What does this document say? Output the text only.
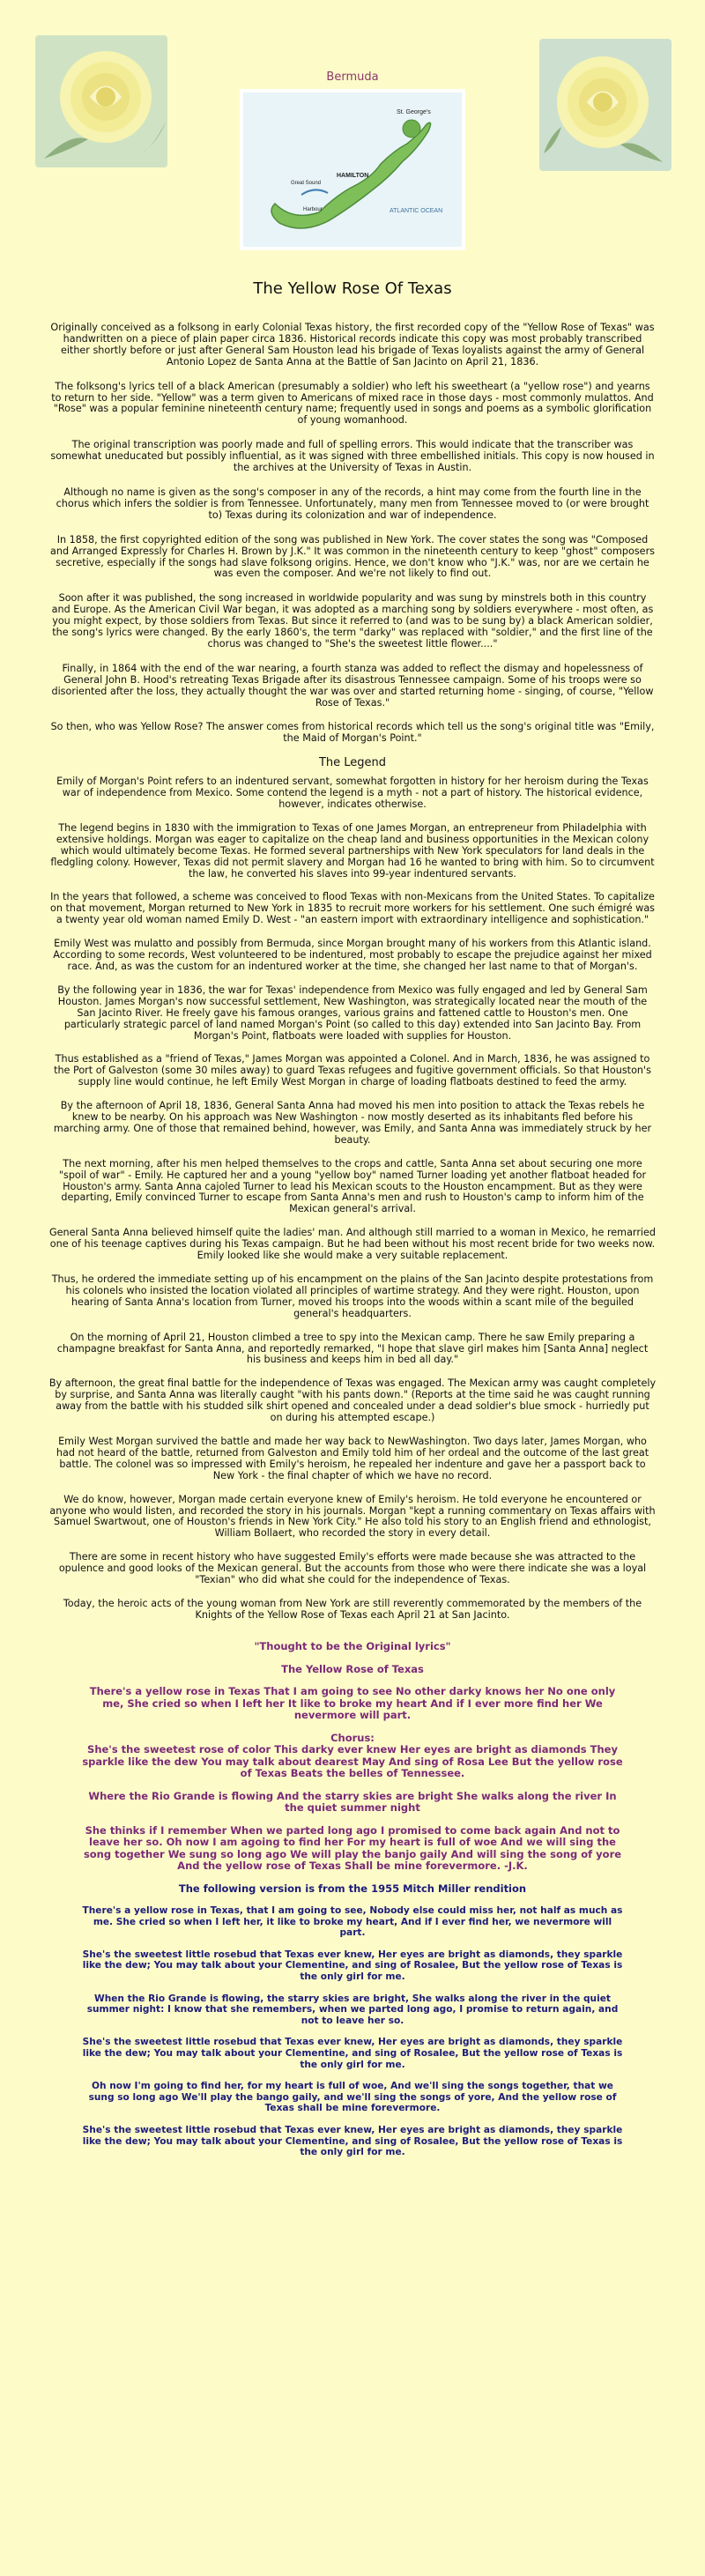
Bermuda
St. George's
HAMILTON
Great Sound
Harbour	ATLANTIC OCEAN
The Yellow Rose Of Texas

Originally conceived as a folksong in early Colonial Texas history, the first recorded copy of the "Yellow Rose of Texas" was handwritten on a piece of plain paper circa 1836. Historical records indicate this copy was most probably transcribed either shortly before or just after General Sam Houston lead his brigade of Texas loyalists against the army of General Antonio Lopez de Santa Anna at the Battle of San Jacinto on April 21, 1836.

The folksong's lyrics tell of a black American (presumably a soldier) who left his sweetheart (a "yellow rose") and yearns to return to her side. "Yellow" was a term given to Americans of mixed race in those days - most commonly mulattos. And "Rose" was a popular feminine nineteenth century name; frequently used in songs and poems as a symbolic glorification of young womanhood.

The original transcription was poorly made and full of spelling errors. This would indicate that the transcriber was somewhat uneducated but possibly influential, as it was signed with three embellished initials. This copy is now housed in the archives at the University of Texas in Austin.

Although no name is given as the song's composer in any of the records, a hint may come from the fourth line in the chorus which infers the soldier is from Tennessee. Unfortunately, many men from Tennessee moved to (or were brought to) Texas during its colonization and war of independence.

In 1858, the first copyrighted edition of the song was published in New York. The cover states the song was "Composed and Arranged Expressly for Charles H. Brown by J.K." It was common in the nineteenth century to keep "ghost" composers secretive, especially if the songs had slave folksong origins. Hence, we don't know who "J.K." was, nor are we certain he was even the composer. And we're not likely to find out.

Soon after it was published, the song increased in worldwide popularity and was sung by minstrels both in this country and Europe. As the American Civil War began, it was adopted as a marching song by soldiers everywhere - most often, as you might expect, by those soldiers from Texas. But since it referred to (and was to be sung by) a black American soldier, the song's lyrics were changed. By the early 1860's, the term "darky" was replaced with "soldier," and the first line of the chorus was changed to "She's the sweetest little flower...."

Finally, in 1864 with the end of the war nearing, a fourth stanza was added to reflect the dismay and hopelessness of General John B. Hood's retreating Texas Brigade after its disastrous Tennessee campaign. Some of his troops were so disoriented after the loss, they actually thought the war was over and started returning home - singing, of course, "Yellow Rose of Texas."

So then, who was Yellow Rose? The answer comes from historical records which tell us the song's original title was "Emily, the Maid of Morgan's Point."

The Legend

Emily of Morgan's Point refers to an indentured servant, somewhat forgotten in history for her heroism during the Texas war of independence from Mexico. Some contend the legend is a myth - not a part of history. The historical evidence, however, indicates otherwise.

The legend begins in 1830 with the immigration to Texas of one James Morgan, an entrepreneur from Philadelphia with extensive holdings. Morgan was eager to capitalize on the cheap land and business opportunities in the Mexican colony which would ultimately become Texas. He formed several partnerships with New York speculators for land deals in the fledgling colony. However, Texas did not permit slavery and Morgan had 16 he wanted to bring with him. So to circumvent the law, he converted his slaves into 99-year indentured servants.

In the years that followed, a scheme was conceived to flood Texas with non-Mexicans from the United States. To capitalize on that movement, Morgan returned to New York in 1835 to recruit more workers for his settlement. One such émigré was a twenty year old woman named Emily D. West - "an eastern import with extraordinary intelligence and sophistication."

Emily West was mulatto and possibly from Bermuda, since Morgan brought many of his workers from this Atlantic island. According to some records, West volunteered to be indentured, most probably to escape the prejudice against her mixed race. And, as was the custom for an indentured worker at the time, she changed her last name to that of Morgan's.

By the following year in 1836, the war for Texas' independence from Mexico was fully engaged and led by General Sam Houston. James Morgan's now successful settlement, New Washington, was strategically located near the mouth of the San Jacinto River. He freely gave his famous oranges, various grains and fattened cattle to Houston's men. One particularly strategic parcel of land named Morgan's Point (so called to this day) extended into San Jacinto Bay. From Morgan's Point, flatboats were loaded with supplies for Houston.

Thus established as a "friend of Texas," James Morgan was appointed a Colonel. And in March, 1836, he was assigned to the Port of Galveston (some 30 miles away) to guard Texas refugees and fugitive government officials. So that Houston's supply line would continue, he left Emily West Morgan in charge of loading flatboats destined to feed the army.

By the afternoon of April 18, 1836, General Santa Anna had moved his men into position to attack the Texas rebels he knew to be nearby. On his approach was New Washington - now mostly deserted as its inhabitants fled before his marching army. One of those that remained behind, however, was Emily, and Santa Anna was immediately struck by her beauty.

The next morning, after his men helped themselves to the crops and cattle, Santa Anna set about securing one more "spoil of war" - Emily. He captured her and a young "yellow boy" named Turner loading yet another flatboat headed for Houston's army. Santa Anna cajoled Turner to lead his Mexican scouts to the Houston encampment. But as they were departing, Emily convinced Turner to escape from Santa Anna's men and rush to Houston's camp to inform him of the Mexican general's arrival.

General Santa Anna believed himself quite the ladies' man. And although still married to a woman in Mexico, he remarried one of his teenage captives during his Texas campaign. But he had been without his most recent bride for two weeks now. Emily looked like she would make a very suitable replacement.

Thus, he ordered the immediate setting up of his encampment on the plains of the San Jacinto despite protestations from his colonels who insisted the location violated all principles of wartime strategy. And they were right. Houston, upon hearing of Santa Anna's location from Turner, moved his troops into the woods within a scant mile of the beguiled general's headquarters.

On the morning of April 21, Houston climbed a tree to spy into the Mexican camp. There he saw Emily preparing a champagne breakfast for Santa Anna, and reportedly remarked, "I hope that slave girl makes him [Santa Anna] neglect his business and keeps him in bed all day."

By afternoon, the great final battle for the independence of Texas was engaged. The Mexican army was caught completely by surprise, and Santa Anna was literally caught "with his pants down." (Reports at the time said he was caught running away from the battle with his studded silk shirt opened and concealed under a dead soldier's blue smock - hurriedly put on during his attempted escape.)

Emily West Morgan survived the battle and made her way back to NewWashington. Two days later, James Morgan, who had not heard of the battle, returned from Galveston and Emily told him of her ordeal and the outcome of the last great battle. The colonel was so impressed with Emily's heroism, he repealed her indenture and gave her a passport back to New York - the final chapter of which we have no record.

We do know, however, Morgan made certain everyone knew of Emily's heroism. He told everyone he encountered or anyone who would listen, and recorded the story in his journals. Morgan "kept a running commentary on Texas affairs with Samuel Swartwout, one of Houston's friends in New York City." He also told his story to an English friend and ethnologist, William Bollaert, who recorded the story in every detail.

There are some in recent history who have suggested Emily's efforts were made because she was attracted to the opulence and good looks of the Mexican general. But the accounts from those who were there indicate she was a loyal "Texian" who did what she could for the independence of Texas.

Today, the heroic acts of the young woman from New York are still reverently commemorated by the members of the Knights of the Yellow Rose of Texas each April 21 at San Jacinto.

"Thought to be the Original lyrics"

The Yellow Rose of Texas

There's a yellow rose in Texas That I am going to see No other darky knows her No one only me, She cried so when I left her It like to broke my heart And if I ever more find her We nevermore will part.

Chorus:
She's the sweetest rose of color This darky ever knew Her eyes are bright as diamonds They sparkle like the dew You may talk about dearest May And sing of Rosa Lee But the yellow rose of Texas Beats the belles of Tennessee.

Where the Rio Grande is flowing And the starry skies are bright She walks along the river In the quiet summer night

She thinks if I remember When we parted long ago I promised to come back again And not to leave her so. Oh now I am agoing to find her For my heart is full of woe And we will sing the song together We sung so long ago We will play the banjo gaily And will sing the song of yore And the yellow rose of Texas Shall be mine forevermore. -J.K.

The following version is from the 1955 Mitch Miller rendition

There's a yellow rose in Texas, that I am going to see, Nobody else could miss her, not half as much as me. She cried so when I left her, it like to broke my heart, And if I ever find her, we nevermore will part.

She's the sweetest little rosebud that Texas ever knew, Her eyes are bright as diamonds, they sparkle like the dew; You may talk about your Clementine, and sing of Rosalee, But the yellow rose of Texas is the only girl for me.

When the Rio Grande is flowing, the starry skies are bright, She walks along the river in the quiet summer night: I know that she remembers, when we parted long ago, I promise to return again, and not to leave her so.

She's the sweetest little rosebud that Texas ever knew, Her eyes are bright as diamonds, they sparkle like the dew; You may talk about your Clementine, and sing of Rosalee, But the yellow rose of Texas is the only girl for me.

Oh now I'm going to find her, for my heart is full of woe, And we'll sing the songs together, that we sung so long ago We'll play the bango gaily, and we'll sing the songs of yore, And the yellow rose of Texas shall be mine forevermore.

She's the sweetest little rosebud that Texas ever knew, Her eyes are bright as diamonds, they sparkle like the dew; You may talk about your Clementine, and sing of Rosalee, But the yellow rose of Texas is the only girl for me.
